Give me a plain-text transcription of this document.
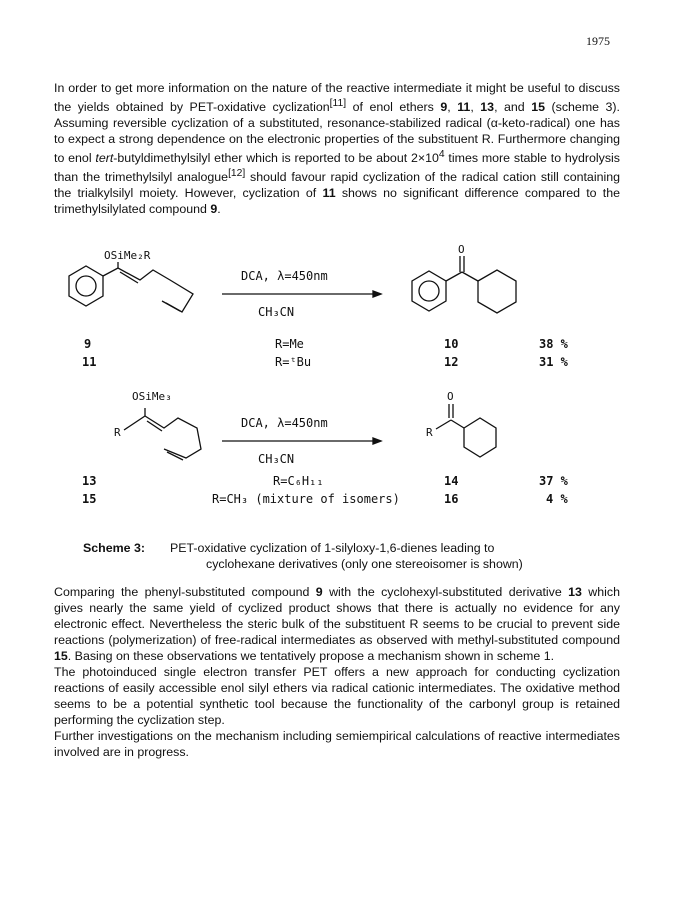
1975

In order to get more information on the nature of the reactive intermediate it might be useful to discuss the yields obtained by PET-oxidative cyclization[11] of enol ethers 9, 11, 13, and 15 (scheme 3). Assuming reversible cyclization of a substituted, resonance-stabilized radical (α-keto-radical) one has to expect a strong dependence on the electronic properties of the substituent R. Furthermore changing to enol tert-butyldimethylsilyl ether which is reported to be about $2\times 10^4$ times more stable to hydrolysis than the trimethylsilyl analogue[12] should favour rapid cyclization of the radical cation still containing the trialkylsilyl moiety. However, cyclization of 11 shows no significant difference compared to the trimethylsilylated compound 9.

OSiMe₂R
DCA, λ=450nm
CH₃CN
O
9	R=Me	10	38 %
11	R=ᵗBu	12	31 %
OSiMe₃
R
DCA, λ=450nm
CH₃CN
O
R
13	R=C₆H₁₁	14	37 %
15	R=CH₃ (mixture of isomers)	16	4 %
Scheme 3: PET-oxidative cyclization of 1-silyloxy-1,6-dienes leading to
cyclohexane derivatives (only one stereoisomer is shown)

Comparing the phenyl-substituted compound 9 with the cyclohexyl-substituted derivative 13 which gives nearly the same yield of cyclized product shows that there is actually no evidence for any electronic effect. Nevertheless the steric bulk of the substituent R seems to be crucial to prevent side reactions (polymerization) of free-radical intermediates as observed with methyl-substituted compound 15. Basing on these observations we tentatively propose a mechanism shown in scheme 1.

The photoinduced single electron transfer PET offers a new approach for conducting cyclization reactions of easily accessible enol silyl ethers via radical cationic intermediates. The oxidative method seems to be a potential synthetic tool because the functionality of the carbonyl group is retained performing the cyclization step.

Further investigations on the mechanism including semiempirical calculations of reactive intermediates involved are in progress.
